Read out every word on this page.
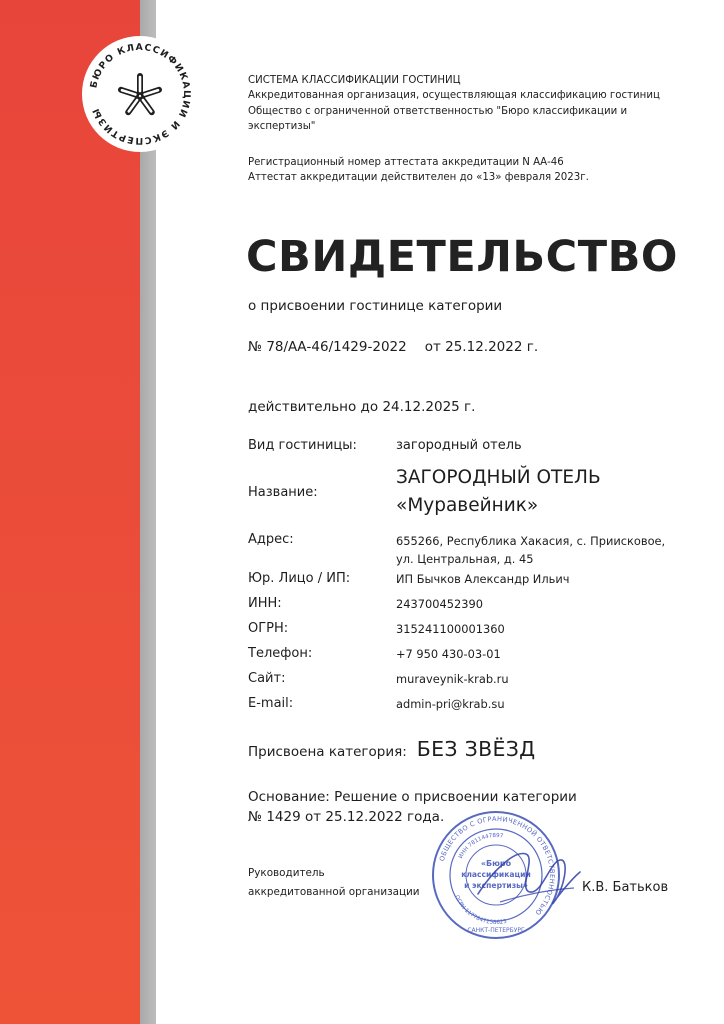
БЮРО КЛАССИФИКАЦИИ И ЭКСПЕРТИЗЫ
СИСТЕМА КЛАССИФИКАЦИИ ГОСТИНИЦ
Аккредитованная организация, осуществляющая классификацию гостиниц
Общество с ограниченной ответственностью "Бюро классификации и
экспертизы"
Регистрационный номер аттестата аккредитации N АА-46
Аттестат аккредитации действителен до «13» февраля 2023г.
СВИДЕТЕЛЬСТВО
о присвоении гостинице категории
№ 78/АА-46/1429-2022 от 25.12.2022 г.
действительно до 24.12.2025 г.
Вид гостиницы:	загородный отель
Название:
ЗАГОРОДНЫЙ ОТЕЛЬ
«Муравейник»
Адрес:	655266, Республика Хакасия, с. Приисковое,
ул. Центральная, д. 45
Юр. Лицо / ИП:	ИП Бычков Александр Ильич
ИНН:	243700452390
ОГРН:	315241100001360
Телефон:	+7 950 430-03-01
Сайт:	muraveynik-krab.ru
E-mail:	admin-pri@krab.su
Присвоена категория: БЕЗ ЗВЁЗД
Основание: Решение о присвоении категории
№ 1429 от 25.12.2022 года.
Руководитель
аккредитованной организации
ОБЩЕСТВО С ОГРАНИЧЕННОЙ ОТВЕТСТВЕННОСТЬЮ
ИНН 7811447897
ОГРН 1177847158623
«Бюро
классификации
и экспертизы»
САНКТ-ПЕТЕРБУРГ
К.В. Батьков
